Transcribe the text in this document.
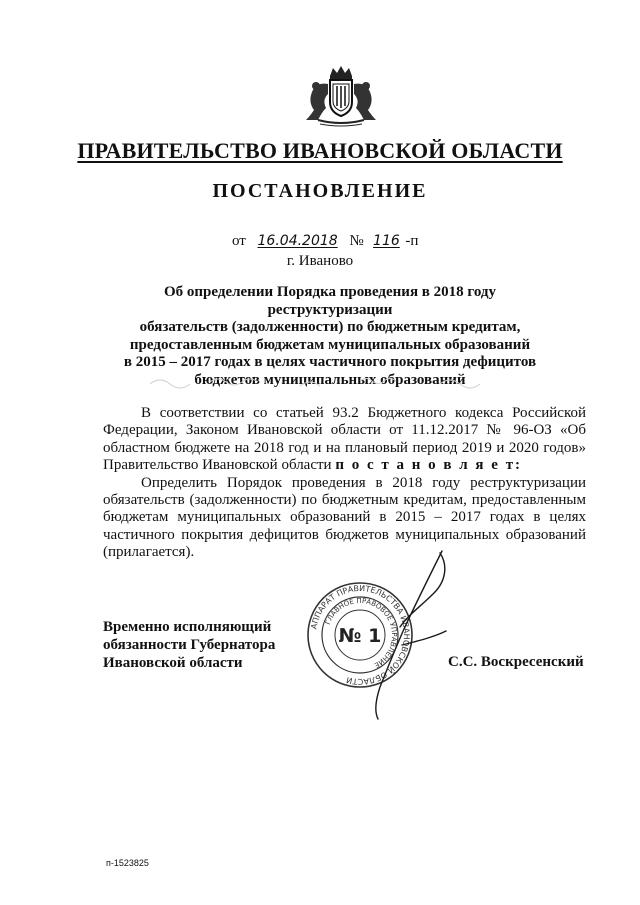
ПРАВИТЕЛЬСТВО ИВАНОВСКОЙ ОБЛАСТИ
ПОСТАНОВЛЕНИЕ
от 16.04.2018 № 116 -п
г. Иваново
Об определении Порядка проведения в 2018 году реструктуризации
обязательств (задолженности) по бюджетным кредитам,
предоставленным бюджетам муниципальных образований
в 2015 – 2017 годах в целях частичного покрытия дефицитов
бюджетов муниципальных образований

В соответствии со статьей 93.2 Бюджетного кодекса Российской Федерации, Законом Ивановской области от 11.12.2017 № 96-ОЗ «Об областном бюджете на 2018 год и на плановый период 2019 и 2020 годов» Правительство Ивановской области п о с т а н о в л я е т:

Определить Порядок проведения в 2018 году реструктуризации обязательств (задолженности) по бюджетным кредитам, предоставленным бюджетам муниципальных образований в 2015 – 2017 годах в целях частичного покрытия дефицитов бюджетов муниципальных образований (прилагается).

Временно исполняющий
обязанности Губернатора
Ивановской области	С.С. Воскресенский
АППАРАТ ПРАВИТЕЛЬСТВА ИВАНОВСКОЙ ОБЛАСТИ
ГЛАВНОЕ ПРАВОВОЕ УПРАВЛЕНИЕ
№ 1
п-1523825
